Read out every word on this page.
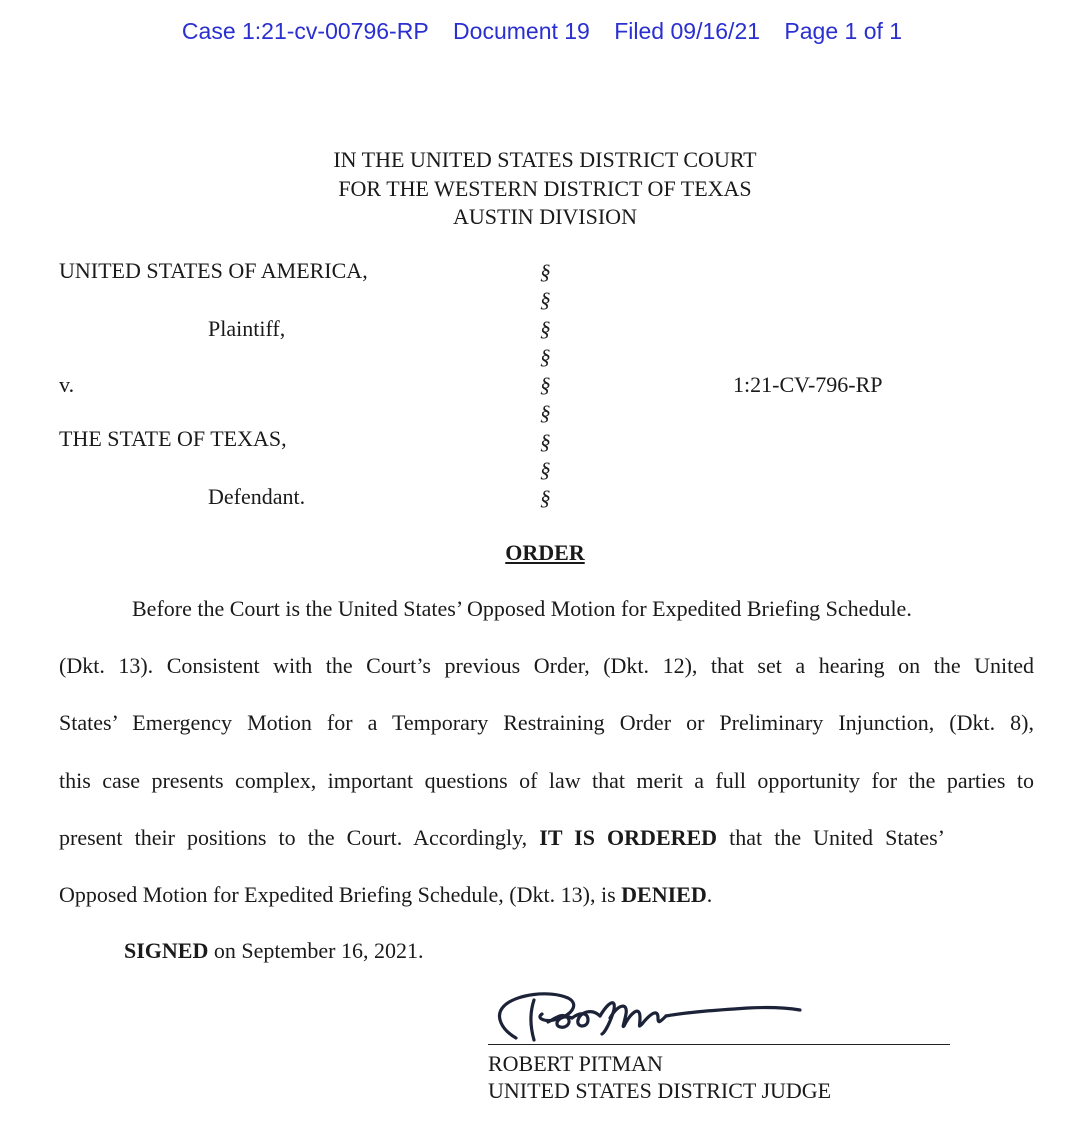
Case 1:21-cv-00796-RP Document 19 Filed 09/16/21 Page 1 of 1
IN THE UNITED STATES DISTRICT COURT
FOR THE WESTERN DISTRICT OF TEXAS
AUSTIN DIVISION
UNITED STATES OF AMERICA,
Plaintiff,
v.
THE STATE OF TEXAS,
Defendant.
1:21-CV-796-RP
§
§
§
§
§
§
§
§
§
ORDER
Before the Court is the United States’ Opposed Motion for Expedited Briefing Schedule.
(Dkt. 13). Consistent with the Court’s previous Order, (Dkt. 12), that set a hearing on the United
States’ Emergency Motion for a Temporary Restraining Order or Preliminary Injunction, (Dkt. 8),
this case presents complex, important questions of law that merit a full opportunity for the parties to
present their positions to the Court. Accordingly, IT IS ORDERED that the United States’
Opposed Motion for Expedited Briefing Schedule, (Dkt. 13), is DENIED.
SIGNED on September 16, 2021.
ROBERT PITMAN
UNITED STATES DISTRICT JUDGE
